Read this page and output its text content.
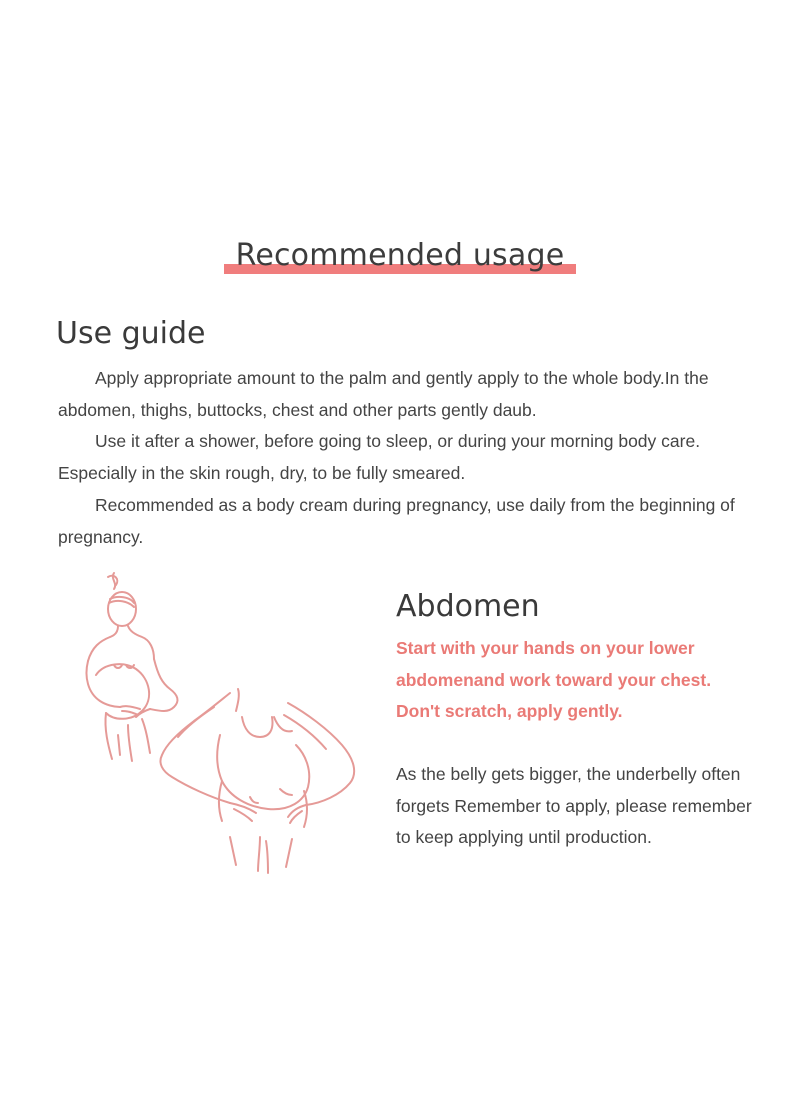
Recommended usage
Use guide

Apply appropriate amount to the palm and gently apply to the whole body.In the abdomen, thighs, buttocks, chest and other parts gently daub.

Use it after a shower, before going to sleep, or during your morning body care. Especially in the skin rough, dry, to be fully smeared.

Recommended as a body cream during pregnancy, use daily from the beginning of pregnancy.

Abdomen
Start with your hands on your lower
abdomenand work toward your chest.
Don't scratch, apply gently.
As the belly gets bigger, the underbelly often
forgets Remember to apply, please remember
to keep applying until production.
